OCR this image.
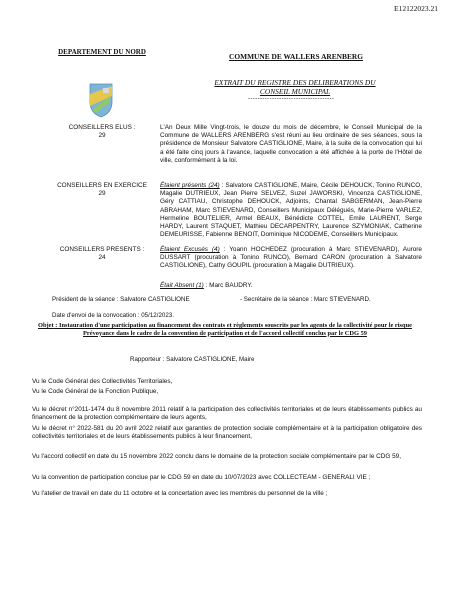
E12122023.21
DEPARTEMENT DU NORD	COMMUNE DE WALLERS ARENBERG
EXTRAIT DU REGISTRE DES DELIBERATIONS DU CONSEIL MUNICIPAL
------------------------------------
CONSEILLERS ELUS :
29
CONSEILLERS EN EXERCICE
29
CONSEILLERS PRESENTS :
24
L'An Deux Mille Vingt-trois, le douze du mois de décembre, le Conseil Municipal de la Commune de WALLERS ARENBERG s'est réuni au lieu ordinaire de ses séances, sous la présidence de Monsieur Salvatore CASTIGLIONE, Maire, à la suite de la convocation qui lui a été faite cinq jours à l'avance, laquelle convocation a été affichée à la porte de l'Hôtel de ville, conformément à la loi.
Étaient présents (24) : Salvatore CASTIGLIONE, Maire, Cécile DEHOUCK, Tonino RUNCO, Magalie DUTRIEUX, Jean Pierre SELVEZ, Suzel JAWORSKI, Vincenza CASTIGLIONE, Géry CATTIAU, Christophe DEHOUCK, Adjoints, Chantal SABGERMAN, Jean-Pierre ABRAHAM, Marc STIEVENARD, Conseillers Municipaux Délégués, Marie-Pierre VARLEZ, Hermeline BOUTELIER, Armel BEAUX, Bénédicte COTTEL, Emile LAURENT, Serge HARDY, Laurent STAQUET, Mathieu DECARPENTRY, Laurence SZYMONIAK, Catherine DEMEURISSE, Fabienne BENOIT, Dominique NICODEME, Conseillers Municipaux.
Étaient Excusés (4) : Yoann HOCHEDEZ (procuration à Marc STIEVENARD), Aurore DUSSART (procuration à Tonino RUNCO), Bernard CARON (procuration à Salvatore CASTIGLIONE), Cathy GOUPIL (procuration à Magalie DUTRIEUX).
Était Absent (1) : Marc BAUDRY.
Président de la séance : Salvatore CASTIGLIONE	- Secrétaire de la séance : Marc STIEVENARD.
Date d'envoi de la convocation : 05/12/2023.
Objet : Instauration d'une participation au financement des contrats et règlements souscrits par les agents de la collectivité pour le risque Prévoyance dans le cadre de la convention de participation et de l'accord collectif conclus par le CDG 59
Rapporteur : Salvatore CASTIGLIONE, Maire
Vu le Code Général des Collectivités Territoriales,
Vu le Code Général de la Fonction Publique,
Vu le décret n°2011-1474 du 8 novembre 2011 relatif à la participation des collectivités territoriales et de leurs établissements publics au financement de la protection complémentaire de leurs agents,
Vu le décret n° 2022-581 du 20 avril 2022 relatif aux garanties de protection sociale complémentaire et à la participation obligatoire des collectivités territoriales et de leurs établissements publics à leur financement,
Vu l'accord collectif en date du 15 novembre 2022 conclu dans le domaine de la protection sociale complémentaire par le CDG 59,
Vu la convention de participation conclue par le CDG 59 en date du 10/07/2023 avec COLLECTEAM - GENERALI VIE ;
Vu l'atelier de travail en date du 11 octobre et la concertation avec les membres du personnel de la ville ;
